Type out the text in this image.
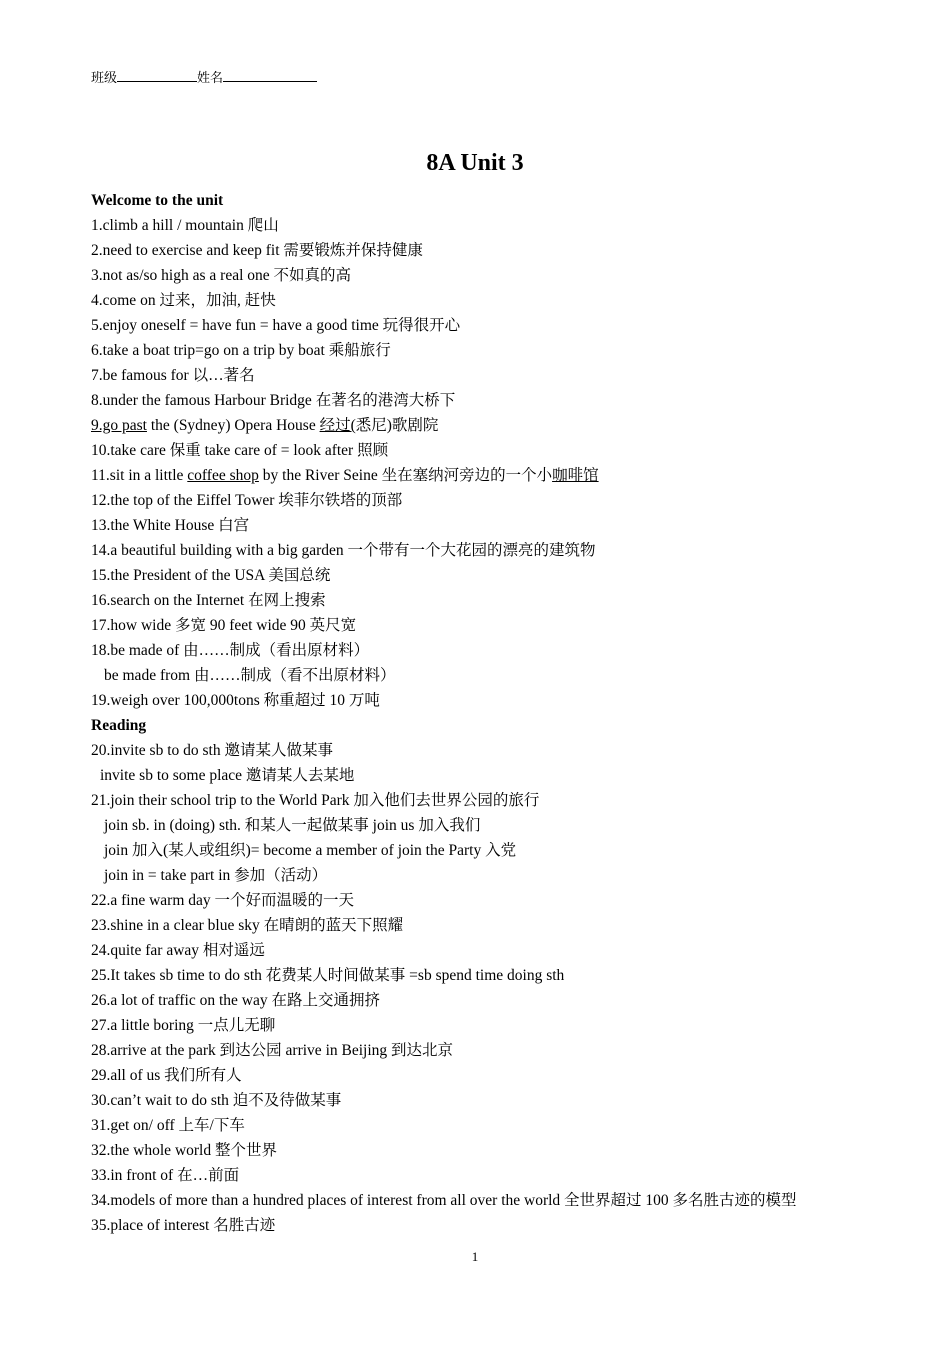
班级	姓名
8A Unit 3
Welcome to the unit
1.climb a hill / mountain 爬山
2.need to exercise and keep fit 需要锻炼并保持健康
3.not as/so high as a real one 不如真的高
4.come on 过来，加油, 赶快
5.enjoy oneself = have fun = have a good time 玩得很开心
6.take a boat trip=go on a trip by boat 乘船旅行
7.be famous for 以…著名
8.under the famous Harbour Bridge 在著名的港湾大桥下
9.go past the (Sydney) Opera House 经过(悉尼)歌剧院
10.take care 保重 take care of = look after 照顾
11.sit in a little coffee shop by the River Seine 坐在塞纳河旁边的一个小咖啡馆
12.the top of the Eiffel Tower 埃菲尔铁塔的顶部
13.the White House 白宫
14.a beautiful building with a big garden 一个带有一个大花园的漂亮的建筑物
15.the President of the USA 美国总统
16.search on the Internet 在网上搜索
17.how wide 多宽 90 feet wide 90 英尺宽
18.be made of 由……制成（看出原材料）
be made from 由……制成（看不出原材料）
19.weigh over 100,000tons 称重超过 10 万吨
Reading
20.invite sb to do sth 邀请某人做某事
invite sb to some place 邀请某人去某地
21.join their school trip to the World Park 加入他们去世界公园的旅行
join sb. in (doing) sth. 和某人一起做某事 join us 加入我们
join 加入(某人或组织)= become a member of join the Party 入党
join in = take part in 参加（活动）
22.a fine warm day 一个好而温暖的一天
23.shine in a clear blue sky 在晴朗的蓝天下照耀
24.quite far away 相对遥远
25.It takes sb time to do sth 花费某人时间做某事 =sb spend time doing sth
26.a lot of traffic on the way 在路上交通拥挤
27.a little boring 一点儿无聊
28.arrive at the park 到达公园 arrive in Beijing 到达北京
29.all of us 我们所有人
30.can’t wait to do sth 迫不及待做某事
31.get on/ off 上车/下车
32.the whole world 整个世界
33.in front of 在…前面
34.models of more than a hundred places of interest from all over the world 全世界超过 100 多名胜古迹的模型
35.place of interest 名胜古迹
1
